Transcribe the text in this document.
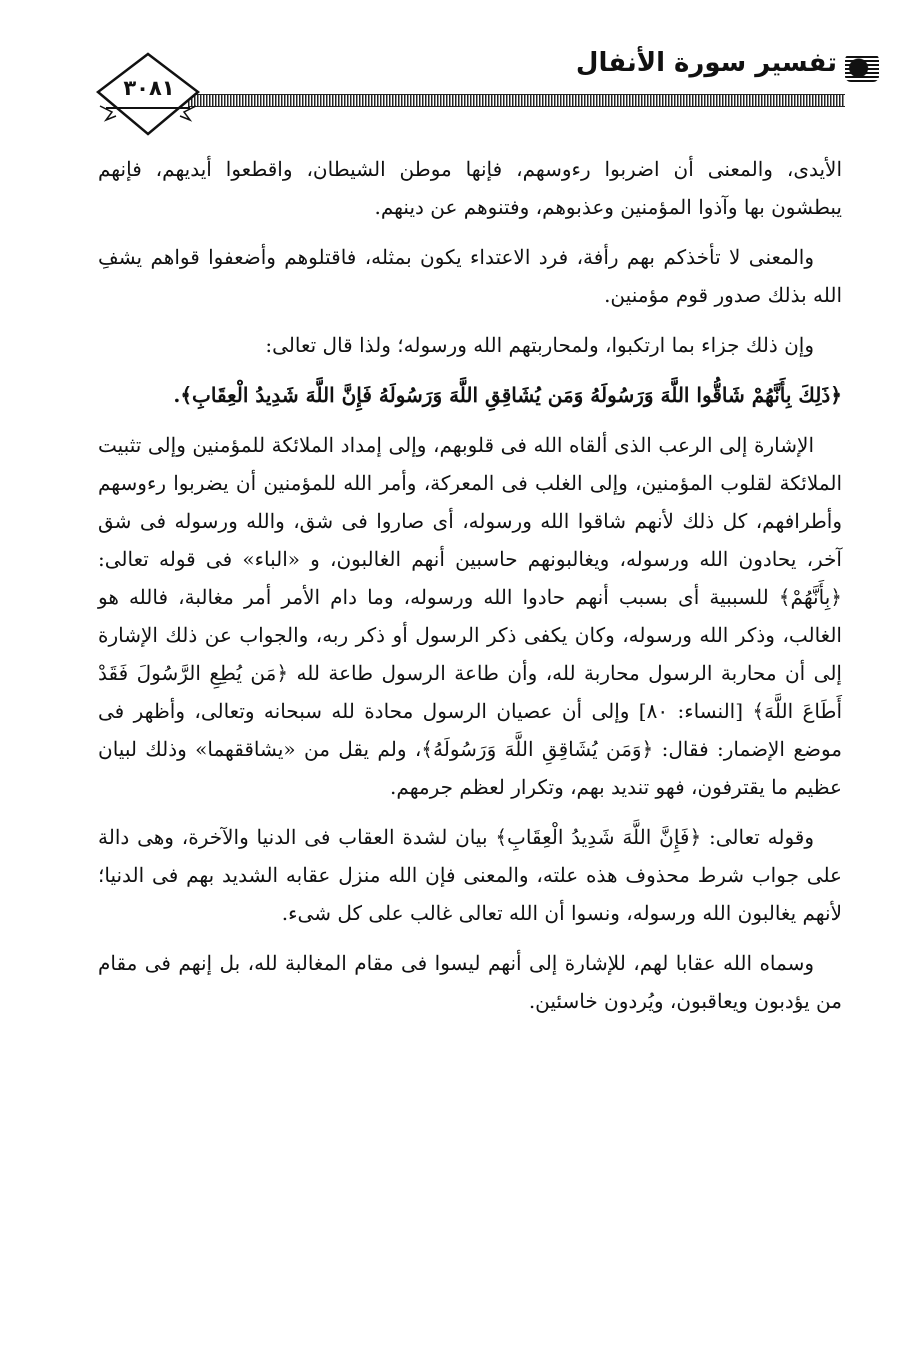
تفسير سورة الأنفال
٣٠٨١

الأيدى، والمعنى أن اضربوا رءوسهم، فإنها موطن الشيطان، واقطعوا أيديهم، فإنهم يبطشون بها وآذوا المؤمنين وعذبوهم، وفتنوهم عن دينهم.

والمعنى لا تأخذكم بهم رأفة، فرد الاعتداء يكون بمثله، فاقتلوهم وأضعفوا قواهم يشفِ الله بذلك صدور قوم مؤمنين.

وإن ذلك جزاء بما ارتكبوا، ولمحاربتهم الله ورسوله؛ ولذا قال تعالى:

﴿ذَلِكَ بِأَنَّهُمْ شَاقُّوا اللَّهَ وَرَسُولَهُ وَمَن يُشَاقِقِ اللَّهَ وَرَسُولَهُ فَإِنَّ اللَّهَ شَدِيدُ الْعِقَابِ﴾.

الإشارة إلى الرعب الذى ألقاه الله فى قلوبهم، وإلى إمداد الملائكة للمؤمنين وإلى تثبيت الملائكة لقلوب المؤمنين، وإلى الغلب فى المعركة، وأمر الله للمؤمنين أن يضربوا رءوسهم وأطرافهم، كل ذلك لأنهم شاقوا الله ورسوله، أى صاروا فى شق، والله ورسوله فى شق آخر، يحادون الله ورسوله، ويغالبونهم حاسبين أنهم الغالبون، و «الباء» فى قوله تعالى: ﴿بِأَنَّهُمْ﴾ للسببية أى بسبب أنهم حادوا الله ورسوله، وما دام الأمر أمر مغالبة، فالله هو الغالب، وذكر الله ورسوله، وكان يكفى ذكر الرسول أو ذكر ربه، والجواب عن ذلك الإشارة إلى أن محاربة الرسول محاربة لله، وأن طاعة الرسول طاعة لله ﴿مَن يُطِعِ الرَّسُولَ فَقَدْ أَطَاعَ اللَّهَ﴾ [النساء: ٨٠] وإلى أن عصيان الرسول محادة لله سبحانه وتعالى، وأظهر فى موضع الإضمار: فقال: ﴿وَمَن يُشَاقِقِ اللَّهَ وَرَسُولَهُ﴾، ولم يقل من «يشاققهما» وذلك لبيان عظيم ما يقترفون، فهو تنديد بهم، وتكرار لعظم جرمهم.

وقوله تعالى: ﴿فَإِنَّ اللَّهَ شَدِيدُ الْعِقَابِ﴾ بيان لشدة العقاب فى الدنيا والآخرة، وهى دالة على جواب شرط محذوف هذه علته، والمعنى فإن الله منزل عقابه الشديد بهم فى الدنيا؛ لأنهم يغالبون الله ورسوله، ونسوا أن الله تعالى غالب على كل شىء.

وسماه الله عقابا لهم، للإشارة إلى أنهم ليسوا فى مقام المغالبة لله، بل إنهم فى مقام من يؤدبون ويعاقبون، ويُردون خاسئين.
